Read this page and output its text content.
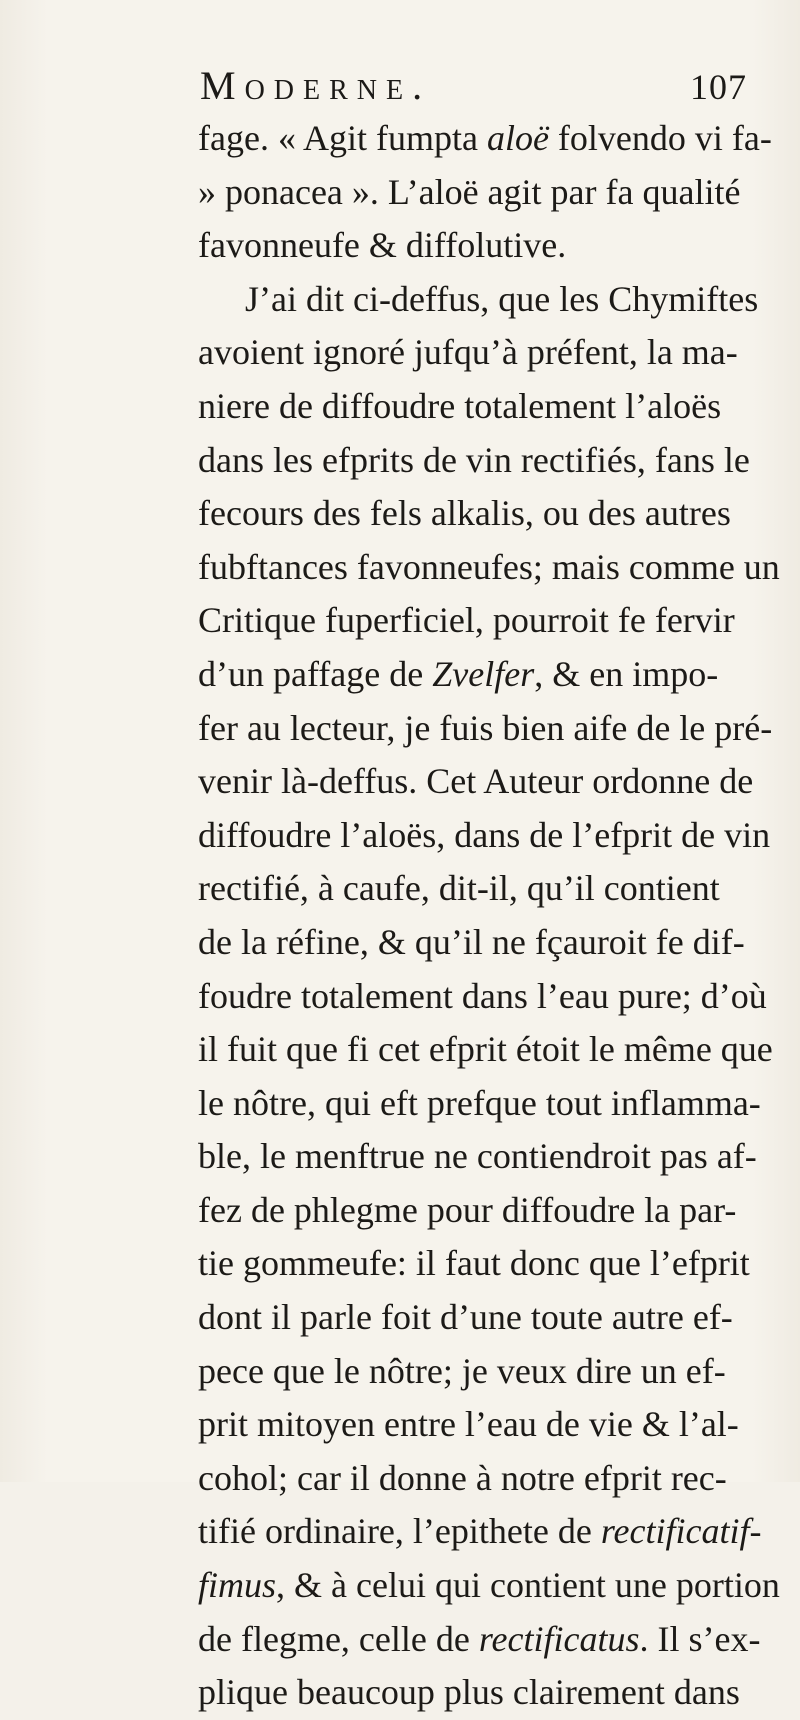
Moderne.	107
fage. « Agit fumpta aloë folvendo vi fa-
» ponacea ». L’aloë agit par fa qualité
favonneufe & diffolutive.
J’ai dit ci-deffus, que les Chymiftes
avoient ignoré jufqu’à préfent, la ma-
niere de diffoudre totalement l’aloës
dans les efprits de vin rectifiés, fans le
fecours des fels alkalis, ou des autres
fubftances favonneufes; mais comme un
Critique fuperficiel, pourroit fe fervir
d’un paffage de Zvelfer, & en impo-
fer au lecteur, je fuis bien aife de le pré-
venir là-deffus. Cet Auteur ordonne de
diffoudre l’aloës, dans de l’efprit de vin
rectifié, à caufe, dit-il, qu’il contient
de la réfine, & qu’il ne fçauroit fe dif-
foudre totalement dans l’eau pure; d’où
il fuit que fi cet efprit étoit le même que
le nôtre, qui eft prefque tout inflamma-
ble, le menftrue ne contiendroit pas af-
fez de phlegme pour diffoudre la par-
tie gommeufe: il faut donc que l’efprit
dont il parle foit d’une toute autre ef-
pece que le nôtre; je veux dire un ef-
prit mitoyen entre l’eau de vie & l’al-
cohol; car il donne à notre efprit rec-
tifié ordinaire, l’epithete de rectificatif-
fimus, & à celui qui contient une portion
de flegme, celle de rectificatus. Il s’ex-
plique beaucoup plus clairement dans
